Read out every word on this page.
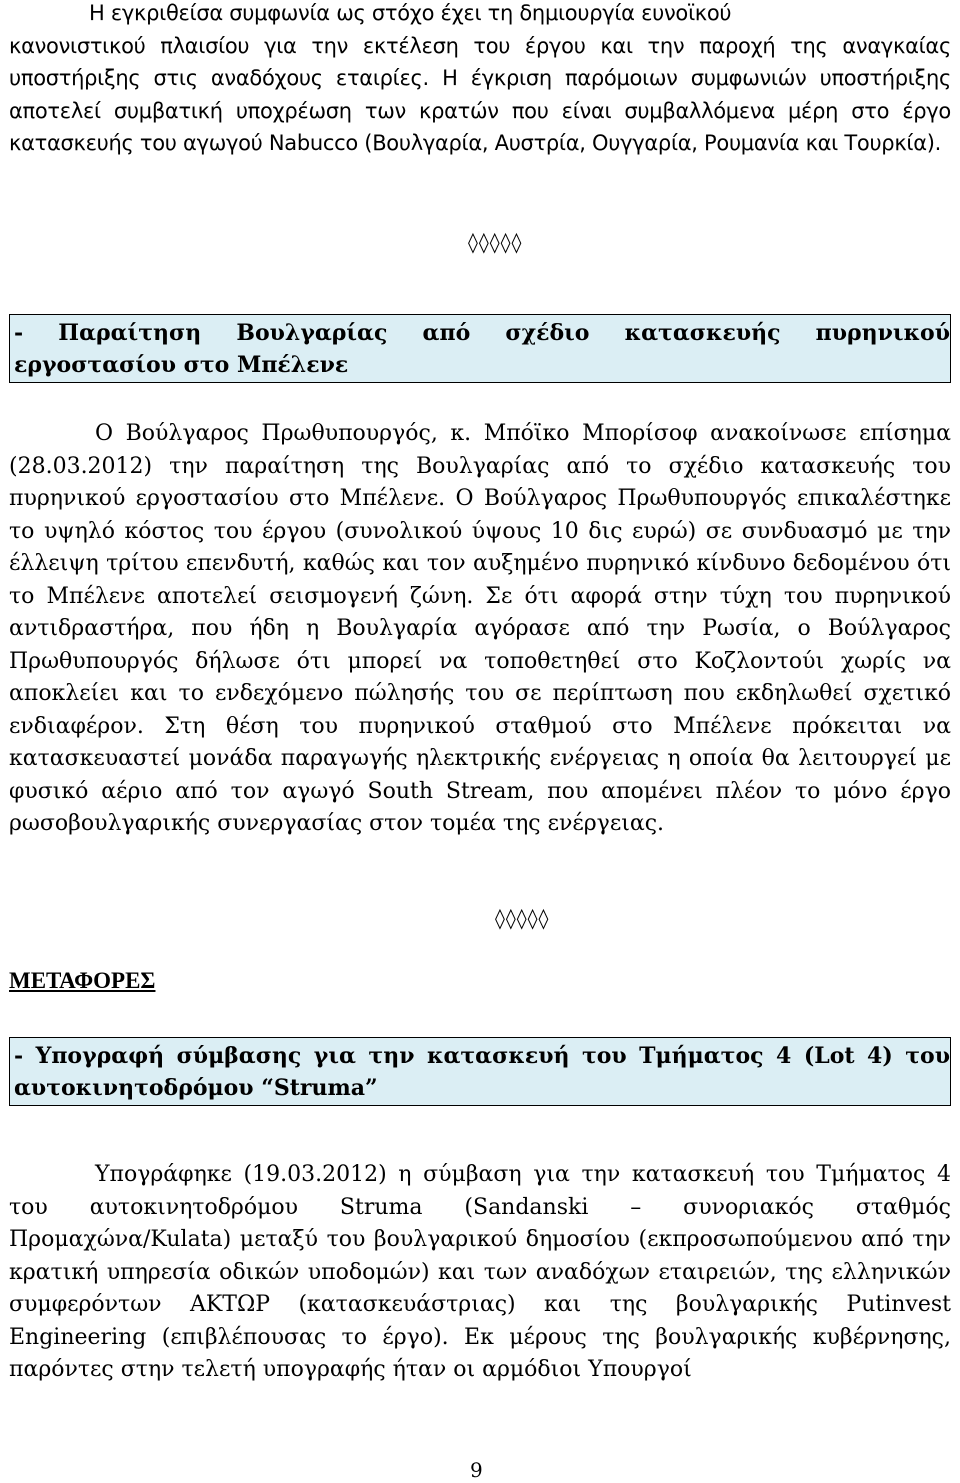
Η εγκριθείσα συμφωνία ως στόχο έχει τη δημιουργία ευνοϊκού
κανονιστικού πλαισίου για την εκτέλεση του έργου και την παροχή της αναγκαίας υποστήριξης στις αναδόχους εταιρίες. Η έγκριση παρόμοιων συμφωνιών υποστήριξης αποτελεί συμβατική υποχρέωση των κρατών που είναι συμβαλλόμενα μέρη στο έργο κατασκευής του αγωγού Nabucco (Βουλγαρία, Αυστρία, Ουγγαρία, Ρουμανία και Τουρκία).

◊◊◊◊◊

- Παραίτηση Βουλγαρίας από σχέδιο κατασκευής πυρηνικού εργοστασίου στο Μπέλενε

Ο Βούλγαρος Πρωθυπουργός, κ. Μπόϊκο Μπορίσοφ ανακοίνωσε επίσημα (28.03.2012) την παραίτηση της Βουλγαρίας από το σχέδιο κατασκευής του πυρηνικού εργοστασίου στο Μπέλενε. Ο Βούλγαρος Πρωθυπουργός επικαλέστηκε το υψηλό κόστος του έργου (συνολικού ύψους 10 δις ευρώ) σε συνδυασμό με την έλλειψη τρίτου επενδυτή, καθώς και τον αυξημένο πυρηνικό κίνδυνο δεδομένου ότι το Μπέλενε αποτελεί σεισμογενή ζώνη. Σε ότι αφορά στην τύχη του πυρηνικού αντιδραστήρα, που ήδη η Βουλγαρία αγόρασε από την Ρωσία, ο Βούλγαρος Πρωθυπουργός δήλωσε ότι μπορεί να τοποθετηθεί στο Κοζλοντούι χωρίς να αποκλείει και το ενδεχόμενο πώλησής του σε περίπτωση που εκδηλωθεί σχετικό ενδιαφέρον. Στη θέση του πυρηνικού σταθμού στο Μπέλενε πρόκειται να κατασκευαστεί μονάδα παραγωγής ηλεκτρικής ενέργειας η οποία θα λειτουργεί με φυσικό αέριο από τον αγωγό South Stream, που απομένει πλέον το μόνο έργο ρωσοβουλγαρικής συνεργασίας στον τομέα της ενέργειας.

◊◊◊◊◊
ΜΕΤΑΦΟΡΕΣ

- Υπογραφή σύμβασης για την κατασκευή του Τμήματος 4 (Lot 4) του αυτοκινητοδρόμου “Struma”

Υπογράφηκε (19.03.2012) η σύμβαση για την κατασκευή του Τμήματος 4 του αυτοκινητοδρόμου Struma (Sandanski – συνοριακός σταθμός Προμαχώνα/Kulata) μεταξύ του βουλγαρικού δημοσίου (εκπροσωπούμενου από την κρατική υπηρεσία οδικών υποδομών) και των αναδόχων εταιρειών, της ελληνικών συμφερόντων ΑΚΤΩΡ (κατασκευάστριας) και της βουλγαρικής Putinvest Engineering (επιβλέπουσας το έργο). Εκ μέρους της βουλγαρικής κυβέρνησης, παρόντες στην τελετή υπογραφής ήταν οι αρμόδιοι Υπουργοί

9
